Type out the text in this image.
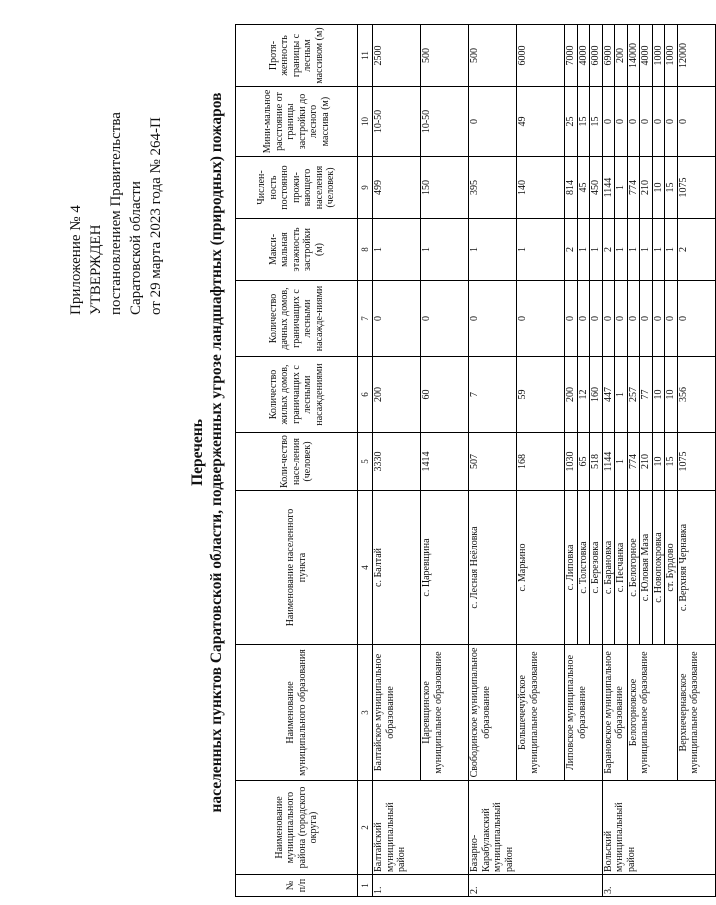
Приложение № 4 УТВЕРЖДЕН постановлением Правительства Саратовской области от 29 марта 2023 года № 264-П
Перечень населенных пунктов Саратовской области, подверженных угрозе ландшафтных (природных) пожаров
№ п/п	Наименование муниципального района (городского округа)	Наименование муниципального образования	Наименование населенного пункта	Коли-чество насе-ления (человек)	Количество жилых домов, граничащих с лесными насаждениями	Количество дачных домов, граничащих с лесными насажде-ниями	Макси-мальная этажность застройки (м)	Числен-ность постоянно прожи-вающего населения (человек)	Мини-мальное расстояние от границы застройки до лесного массива (м)	Протя-женность границы с лесным массивом (м)
1	2	3	4	5	6	7	8	9	10	11
1.	Балтайский муниципальный район	Балтайское муниципальное образование	с. Балтай	3330	200	0	1	499	10-50	2500
		Царевщинское муниципальное образование	с. Царевщина	1414	60	0	1	150	10-50	500
2.	Базарно-Карабулакский муниципальный район	Свободинское муниципальное образование	с. Лесная Неёловка	507	7	0	1	395	0	500
		Большечечуйское муниципальное образование	с. Марьино	168	59	0	1	140	49	6000
		Липовское муниципальное образование	с. Липовка	1030	200	0	2	814	25	7000
			с. Толстовка	65	12	0	1	45	15	4000
			с. Березовка	518	160	0	1	450	15	6000
3.	Вольский муниципальный район	Барановское муниципальное образование	с. Барановка	1144	447	0	2	1144	0	6900
			с. Песчанка	1	1	0	1	1	0	200
		Белогорновское муниципальное образование	с. Белогорное	774	257	0	1	774	0	14000
			с. Юловая Маза	210	77	0	1	210	0	4000
			с. Новопокровка	10	10	0	1	10	0	1000
			ст. Бурдово	15	10	0	1	15	0	1000
		Верхнечернавское муниципальное образование	с. Верхняя Чернавка	1075	356	0	2	1075	0	12000
